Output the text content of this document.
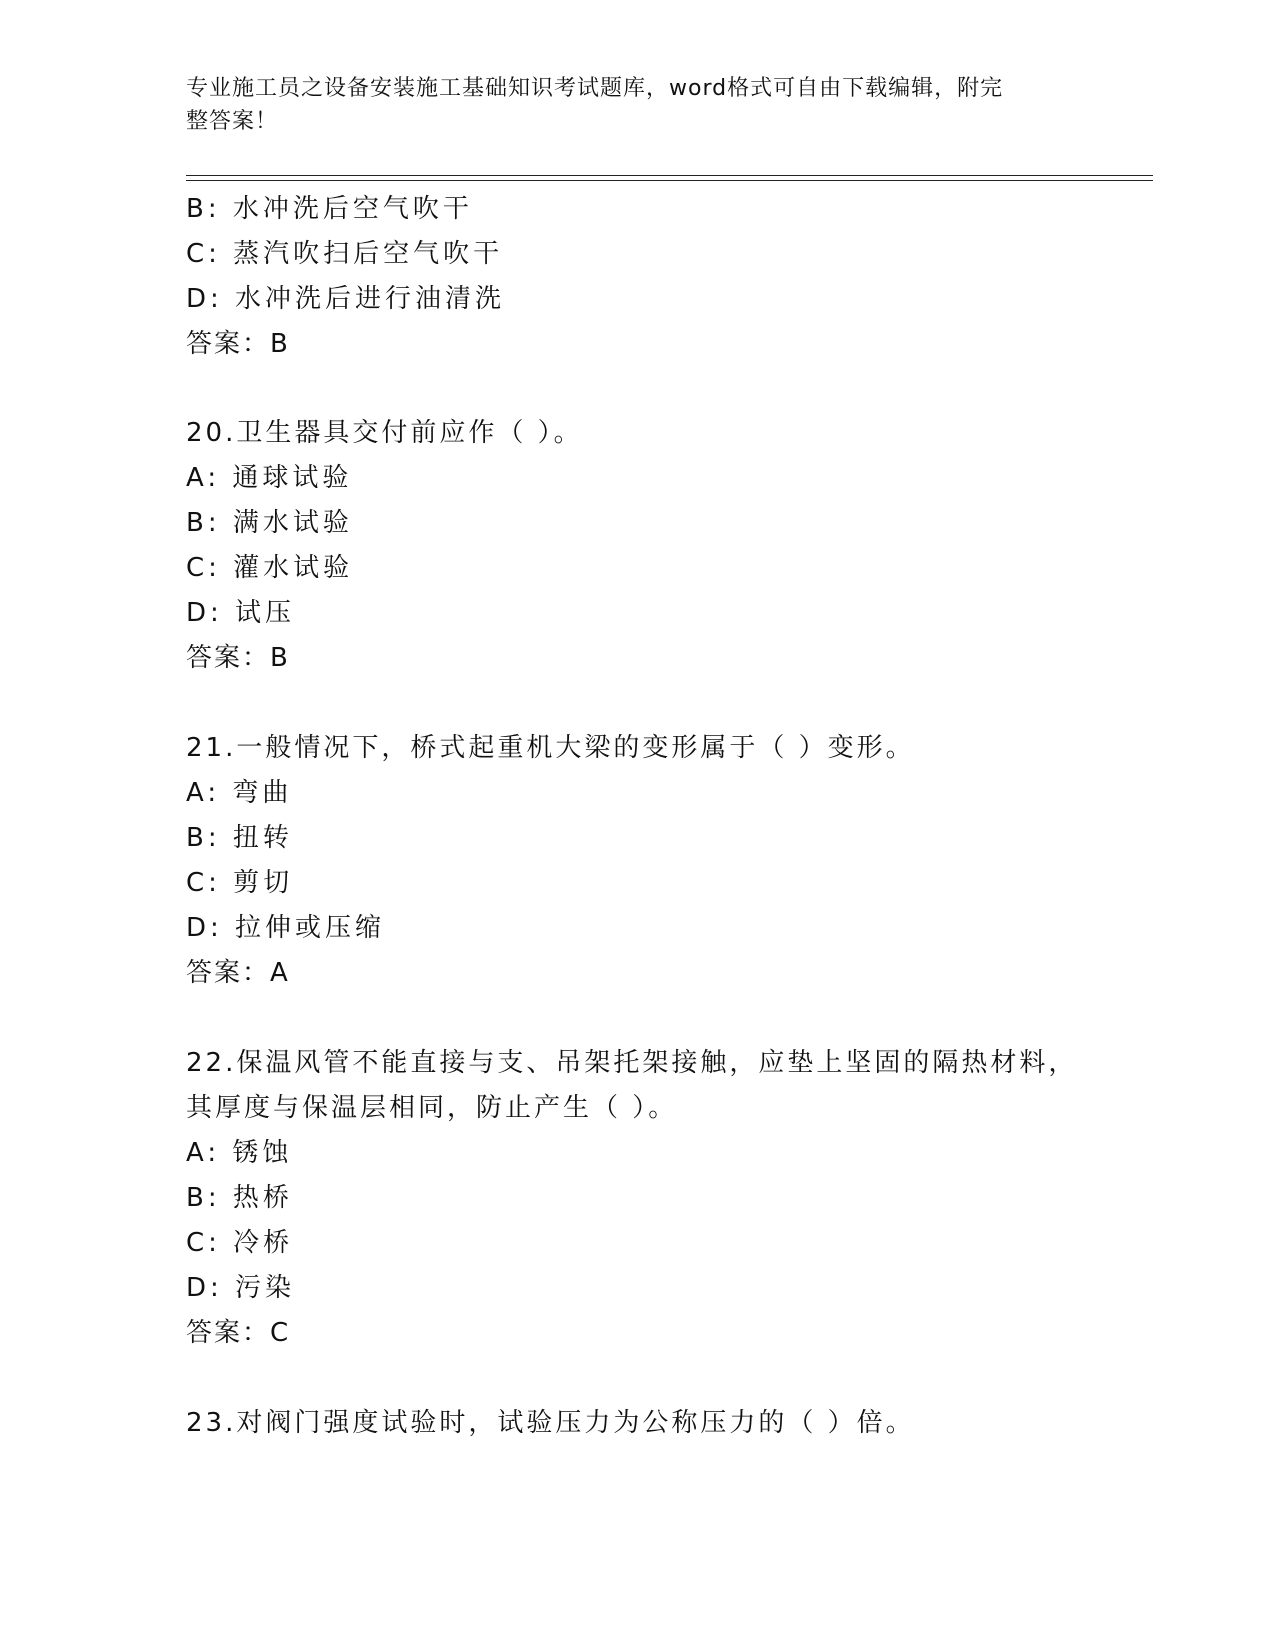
专业施工员之设备安装施工基础知识考试题库，word格式可自由下载编辑，附完
整答案！
B: 水冲洗后空气吹干
C: 蒸汽吹扫后空气吹干
D: 水冲洗后进行油清洗
答案：B
20.卫生器具交付前应作（ ）。
A: 通球试验
B: 满水试验
C: 灌水试验
D: 试压
答案：B
21.一般情况下，桥式起重机大梁的变形属于（ ）变形。
A: 弯曲
B: 扭转
C: 剪切
D: 拉伸或压缩
答案：A
22.保温风管不能直接与支、吊架托架接触，应垫上坚固的隔热材料，
其厚度与保温层相同，防止产生（ ）。
A: 锈蚀
B: 热桥
C: 冷桥
D: 污染
答案：C
23.对阀门强度试验时，试验压力为公称压力的（ ）倍。
